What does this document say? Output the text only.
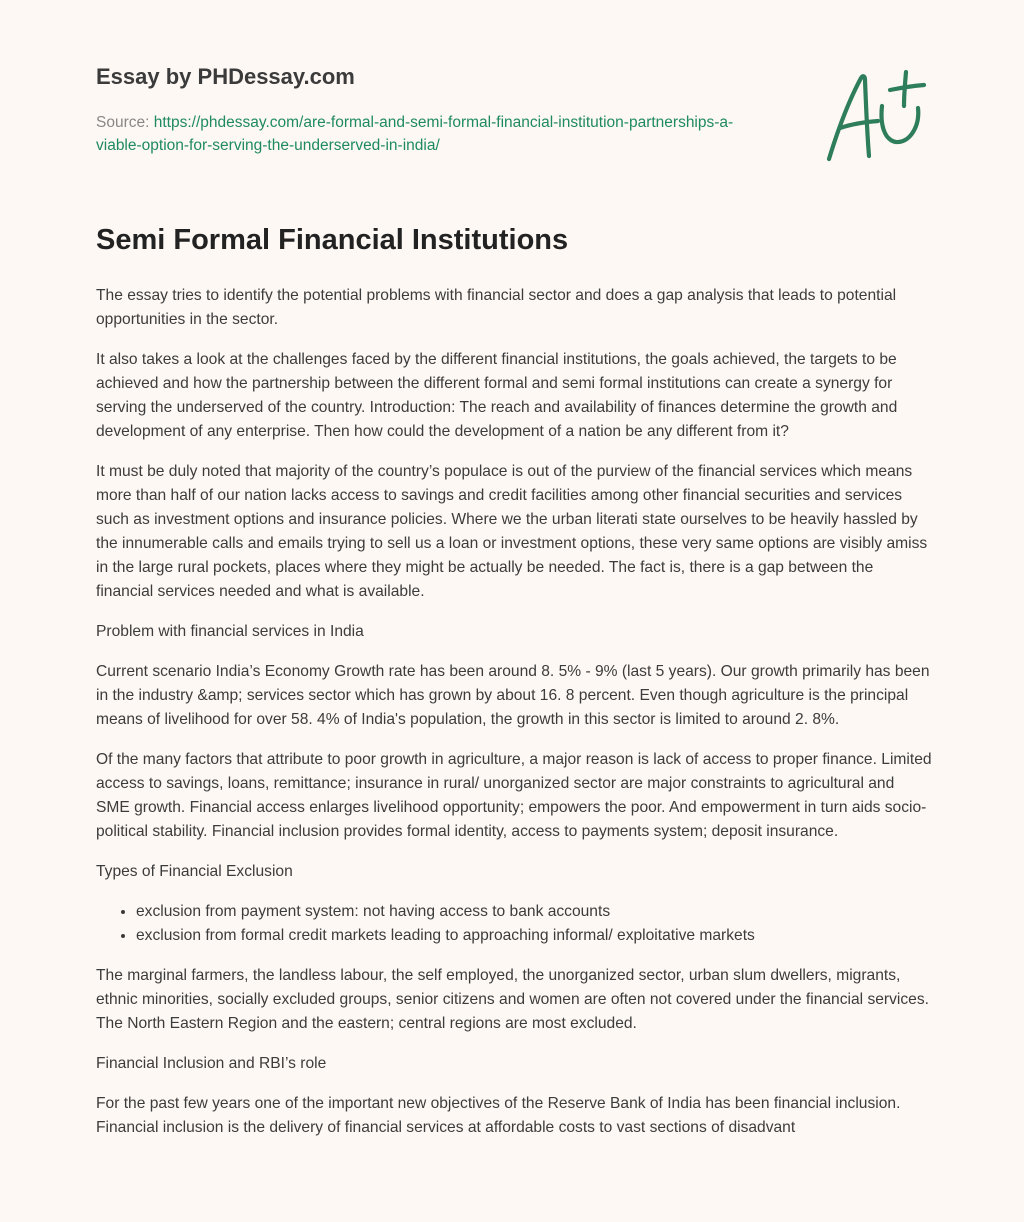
Essay by PHDessay.com
Source: https://phdessay.com/are-formal-and-semi-formal-financial-institution-partnerships-a-viable-option-for-serving-the-underserved-in-india/
Semi Formal Financial Institutions

The essay tries to identify the potential problems with financial sector and does a gap analysis that leads to potential opportunities in the sector.

It also takes a look at the challenges faced by the different financial institutions, the goals achieved, the targets to be achieved and how the partnership between the different formal and semi formal institutions can create a synergy for serving the underserved of the country. Introduction: The reach and availability of finances determine the growth and development of any enterprise. Then how could the development of a nation be any different from it?

It must be duly noted that majority of the country’s populace is out of the purview of the financial services which means more than half of our nation lacks access to savings and credit facilities among other financial securities and services such as investment options and insurance policies. Where we the urban literati state ourselves to be heavily hassled by the innumerable calls and emails trying to sell us a loan or investment options, these very same options are visibly amiss in the large rural pockets, places where they might be actually be needed. The fact is, there is a gap between the financial services needed and what is available.

Problem with financial services in India

Current scenario India’s Economy Growth rate has been around 8. 5% - 9% (last 5 years). Our growth primarily has been in the industry &amp; services sector which has grown by about 16. 8 percent. Even though agriculture is the principal means of livelihood for over 58. 4% of India's population, the growth in this sector is limited to around 2. 8%.

Of the many factors that attribute to poor growth in agriculture, a major reason is lack of access to proper finance. Limited access to savings, loans, remittance; insurance in rural/ unorganized sector are major constraints to agricultural and SME growth. Financial access enlarges livelihood opportunity; empowers the poor. And empowerment in turn aids socio-political stability. Financial inclusion provides formal identity, access to payments system; deposit insurance.

Types of Financial Exclusion

• exclusion from payment system: not having access to bank accounts
• exclusion from formal credit markets leading to approaching informal/ exploitative markets

The marginal farmers, the landless labour, the self employed, the unorganized sector, urban slum dwellers, migrants, ethnic minorities, socially excluded groups, senior citizens and women are often not covered under the financial services. The North Eastern Region and the eastern; central regions are most excluded.

Financial Inclusion and RBI’s role

For the past few years one of the important new objectives of the Reserve Bank of India has been financial inclusion. Financial inclusion is the delivery of financial services at affordable costs to vast sections of disadvant
